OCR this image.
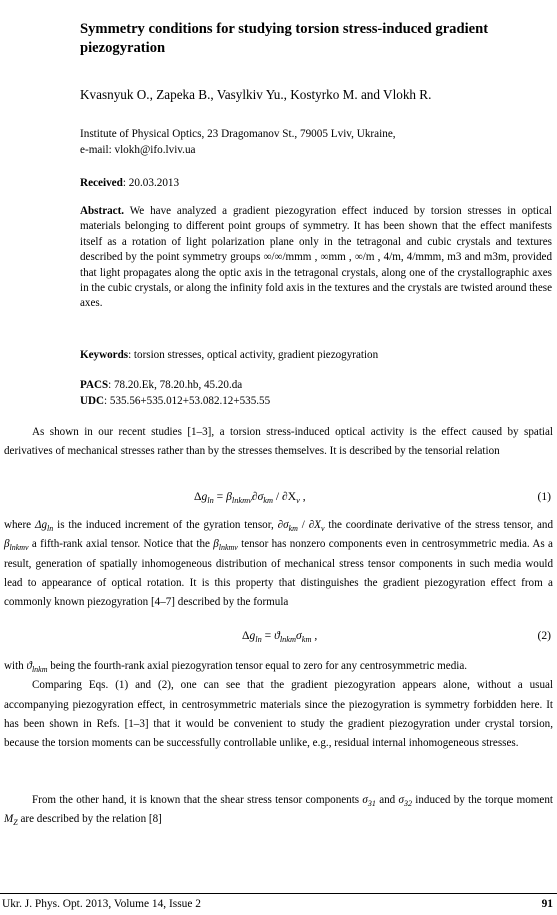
Symmetry conditions for studying torsion stress-induced gradient piezogyration
Kvasnyuk O., Zapeka B., Vasylkiv Yu., Kostyrko M. and Vlokh R.
Institute of Physical Optics, 23 Dragomanov St., 79005 Lviv, Ukraine,
e-mail: vlokh@ifo.lviv.ua
Received: 20.03.2013
Abstract. We have analyzed a gradient piezogyration effect induced by torsion stresses in optical materials belonging to different point groups of symmetry. It has been shown that the effect manifests itself as a rotation of light polarization plane only in the tetragonal and cubic crystals and textures described by the point symmetry groups ∞/∞/mmm , ∞mm , ∞/m , 4/m, 4/mmm, m3 and m3m, provided that light propagates along the optic axis in the tetragonal crystals, along one of the crystallographic axes in the cubic crystals, or along the infinity fold axis in the textures and the crystals are twisted around these axes.
Keywords: torsion stresses, optical activity, gradient piezogyration
PACS: 78.20.Ek, 78.20.hb, 45.20.da
UDC: 535.56+535.012+53.082.12+535.55
As shown in our recent studies [1–3], a torsion stress-induced optical activity is the effect caused by spatial derivatives of mechanical stresses rather than by the stresses themselves. It is described by the tensorial relation
$\Delta g_{ln} = \beta_{lnkmv}\partial\sigma_{km} / \partial X_v$ ,	(1)
where $\Delta g_{ln}$ is the induced increment of the gyration tensor, $\partial\sigma_{km} / \partial X_v$ the coordinate derivative of the stress tensor, and $\beta_{lnkmv}$ a fifth-rank axial tensor. Notice that the $\beta_{lnkmv}$ tensor has nonzero components even in centrosymmetric media. As a result, generation of spatially inhomogeneous distribution of mechanical stress tensor components in such media would lead to appearance of optical rotation. It is this property that distinguishes the gradient piezogyration effect from a commonly known piezogyration [4–7] described by the formula
$\Delta g_{ln} = ϑ_{lnkm}\sigma_{km}$ ,	(2)
with $ϑ_{lnkm}$ being the fourth-rank axial piezogyration tensor equal to zero for any centrosymmetric media.
Comparing Eqs. (1) and (2), one can see that the gradient piezogyration appears alone, without a usual accompanying piezogyration effect, in centrosymmetric materials since the piezogyration is symmetry forbidden here. It has been shown in Refs. [1–3] that it would be convenient to study the gradient piezogyration under crystal torsion, because the torsion moments can be successfully controllable unlike, e.g., residual internal inhomogeneous stresses.
From the other hand, it is known that the shear stress tensor components $\sigma_{31}$ and $\sigma_{32}$ induced by the torque moment $M_Z$ are described by the relation [8]
Ukr. J. Phys. Opt. 2013, Volume 14, Issue 2	91
